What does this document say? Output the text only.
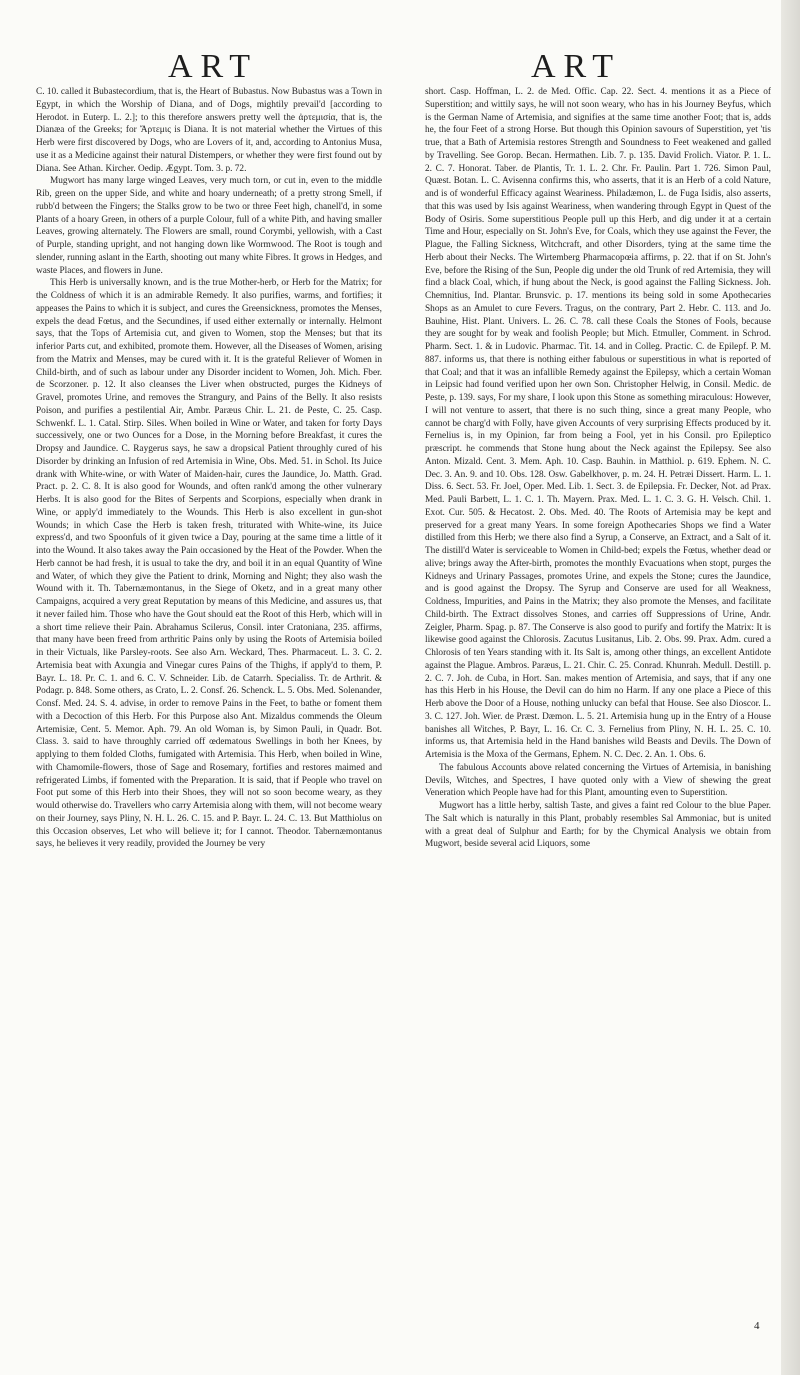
ART	ART

C. 10. called it Bubastecordium, that is, the Heart of Bubastus. Now Bubastus was a Town in Egypt, in which the Worship of Diana, and of Dogs, mightily prevail'd [according to Herodot. in Euterp. L. 2.]; to this therefore answers pretty well the ἀρτεμισία, that is, the Dianæa of the Greeks; for Ἄρτεμις is Diana. It is not material whether the Virtues of this Herb were first discovered by Dogs, who are Lovers of it, and, according to Antonius Musa, use it as a Medicine against their natural Distempers, or whether they were first found out by Diana. See Athan. Kircher. Oedip. Ægypt. Tom. 3. p. 72.

Mugwort has many large winged Leaves, very much torn, or cut in, even to the middle Rib, green on the upper Side, and white and hoary underneath; of a pretty strong Smell, if rubb'd between the Fingers; the Stalks grow to be two or three Feet high, chanell'd, in some Plants of a hoary Green, in others of a purple Colour, full of a white Pith, and having smaller Leaves, growing alternately. The Flowers are small, round Corymbi, yellowish, with a Cast of Purple, standing upright, and not hanging down like Wormwood. The Root is tough and slender, running aslant in the Earth, shooting out many white Fibres. It grows in Hedges, and waste Places, and flowers in June.

This Herb is universally known, and is the true Mother-herb, or Herb for the Matrix; for the Coldness of which it is an admirable Remedy. It also purifies, warms, and fortifies; it appeases the Pains to which it is subject, and cures the Greensickness, promotes the Menses, expels the dead Fœtus, and the Secundines, if used either externally or internally. Helmont says, that the Tops of Artemisia cut, and given to Women, stop the Menses; but that its inferior Parts cut, and exhibited, promote them. However, all the Diseases of Women, arising from the Matrix and Menses, may be cured with it. It is the grateful Reliever of Women in Child-birth, and of such as labour under any Disorder incident to Women, Joh. Mich. Fber. de Scorzoner. p. 12. It also cleanses the Liver when obstructed, purges the Kidneys of Gravel, promotes Urine, and removes the Strangury, and Pains of the Belly. It also resists Poison, and purifies a pestilential Air, Ambr. Paræus Chir. L. 21. de Peste, C. 25. Casp. Schwenkf. L. 1. Catal. Stirp. Siles. When boiled in Wine or Water, and taken for forty Days successively, one or two Ounces for a Dose, in the Morning before Breakfast, it cures the Dropsy and Jaundice. C. Raygerus says, he saw a dropsical Patient throughly cured of his Disorder by drinking an Infusion of red Artemisia in Wine, Obs. Med. 51. in Schol. Its Juice drank with White-wine, or with Water of Maiden-hair, cures the Jaundice, Jo. Matth. Grad. Pract. p. 2. C. 8. It is also good for Wounds, and often rank'd among the other vulnerary Herbs. It is also good for the Bites of Serpents and Scorpions, especially when drank in Wine, or apply'd immediately to the Wounds. This Herb is also excellent in gun-shot Wounds; in which Case the Herb is taken fresh, triturated with White-wine, its Juice express'd, and two Spoonfuls of it given twice a Day, pouring at the same time a little of it into the Wound. It also takes away the Pain occasioned by the Heat of the Powder. When the Herb cannot be had fresh, it is usual to take the dry, and boil it in an equal Quantity of Wine and Water, of which they give the Patient to drink, Morning and Night; they also wash the Wound with it. Th. Tabernæmontanus, in the Siege of Oketz, and in a great many other Campaigns, acquired a very great Reputation by means of this Medicine, and assures us, that it never failed him. Those who have the Gout should eat the Root of this Herb, which will in a short time relieve their Pain. Abrahamus Scilerus, Consil. inter Cratoniana, 235. affirms, that many have been freed from arthritic Pains only by using the Roots of Artemisia boiled in their Victuals, like Parsley-roots. See also Arn. Weckard, Thes. Pharmaceut. L. 3. C. 2. Artemisia beat with Axungia and Vinegar cures Pains of the Thighs, if apply'd to them, P. Bayr. L. 18. Pr. C. 1. and 6. C. V. Schneider. Lib. de Catarrh. Specialiss. Tr. de Arthrit. & Podagr. p. 848. Some others, as Crato, L. 2. Consf. 26. Schenck. L. 5. Obs. Med. Solenander, Consf. Med. 24. S. 4. advise, in order to remove Pains in the Feet, to bathe or foment them with a Decoction of this Herb. For this Purpose also Ant. Mizaldus commends the Oleum Artemisiæ, Cent. 5. Memor. Aph. 79. An old Woman is, by Simon Pauli, in Quadr. Bot. Class. 3. said to have throughly carried off œdematous Swellings in both her Knees, by applying to them folded Cloths, fumigated with Artemisia. This Herb, when boiled in Wine, with Chamomile-flowers, those of Sage and Rosemary, fortifies and restores maimed and refrigerated Limbs, if fomented with the Preparation. It is said, that if People who travel on Foot put some of this Herb into their Shoes, they will not so soon become weary, as they would otherwise do. Travellers who carry Artemisia along with them, will not become weary on their Journey, says Pliny, N. H. L. 26. C. 15. and P. Bayr. L. 24. C. 13. But Matthiolus on this Occasion observes, Let who will believe it; for I cannot. Theodor. Tabernæmontanus says, he believes it very readily, provided the Journey be very

short. Casp. Hoffman, L. 2. de Med. Offic. Cap. 22. Sect. 4. mentions it as a Piece of Superstition; and wittily says, he will not soon weary, who has in his Journey Beyfus, which is the German Name of Artemisia, and signifies at the same time another Foot; that is, adds he, the four Feet of a strong Horse. But though this Opinion savours of Superstition, yet 'tis true, that a Bath of Artemisia restores Strength and Soundness to Feet weakened and galled by Travelling. See Gorop. Becan. Hermathen. Lib. 7. p. 135. David Frolich. Viator. P. 1. L. 2. C. 7. Honorat. Taber. de Plantis, Tr. 1. L. 2. Chr. Fr. Paulin. Part 1. 726. Simon Paul, Quæst. Botan. L. C. Avisenna confirms this, who asserts, that it is an Herb of a cold Nature, and is of wonderful Efficacy against Weariness. Philadæmon, L. de Fuga Isidis, also asserts, that this was used by Isis against Weariness, when wandering through Egypt in Quest of the Body of Osiris. Some superstitious People pull up this Herb, and dig under it at a certain Time and Hour, especially on St. John's Eve, for Coals, which they use against the Fever, the Plague, the Falling Sickness, Witchcraft, and other Disorders, tying at the same time the Herb about their Necks. The Wirtemberg Pharmacopœia affirms, p. 22. that if on St. John's Eve, before the Rising of the Sun, People dig under the old Trunk of red Artemisia, they will find a black Coal, which, if hung about the Neck, is good against the Falling Sickness. Joh. Chemnitius, Ind. Plantar. Brunsvic. p. 17. mentions its being sold in some Apothecaries Shops as an Amulet to cure Fevers. Tragus, on the contrary, Part 2. Hebr. C. 113. and Jo. Bauhine, Hist. Plant. Univers. L. 26. C. 78. call these Coals the Stones of Fools, because they are sought for by weak and foolish People; but Mich. Etmuller, Comment. in Schrod. Pharm. Sect. 1. & in Ludovic. Pharmac. Tit. 14. and in Colleg. Practic. C. de Epilepf. P. M. 887. informs us, that there is nothing either fabulous or superstitious in what is reported of that Coal; and that it was an infallible Remedy against the Epilepsy, which a certain Woman in Leipsic had found verified upon her own Son. Christopher Helwig, in Consil. Medic. de Peste, p. 139. says, For my share, I look upon this Stone as something miraculous: However, I will not venture to assert, that there is no such thing, since a great many People, who cannot be charg'd with Folly, have given Accounts of very surprising Effects produced by it. Fernelius is, in my Opinion, far from being a Fool, yet in his Consil. pro Epileptico præscript. he commends that Stone hung about the Neck against the Epilepsy. See also Anton. Mizald. Cent. 3. Mem. Aph. 10. Casp. Bauhin. in Matthiol. p. 619. Ephem. N. C. Dec. 3. An. 9. and 10. Obs. 128. Osw. Gabelkhover, p. m. 24. H. Petræi Dissert. Harm. L. 1. Diss. 6. Sect. 53. Fr. Joel, Oper. Med. Lib. 1. Sect. 3. de Epilepsia. Fr. Decker, Not. ad Prax. Med. Pauli Barbett, L. 1. C. 1. Th. Mayern. Prax. Med. L. 1. C. 3. G. H. Velsch. Chil. 1. Exot. Cur. 505. & Hecatost. 2. Obs. Med. 40. The Roots of Artemisia may be kept and preserved for a great many Years. In some foreign Apothecaries Shops we find a Water distilled from this Herb; we there also find a Syrup, a Conserve, an Extract, and a Salt of it. The distill'd Water is serviceable to Women in Child-bed; expels the Fœtus, whether dead or alive; brings away the After-birth, promotes the monthly Evacuations when stopt, purges the Kidneys and Urinary Passages, promotes Urine, and expels the Stone; cures the Jaundice, and is good against the Dropsy. The Syrup and Conserve are used for all Weakness, Coldness, Impurities, and Pains in the Matrix; they also promote the Menses, and facilitate Child-birth. The Extract dissolves Stones, and carries off Suppressions of Urine, Andr. Zeigler, Pharm. Spag. p. 87. The Conserve is also good to purify and fortify the Matrix: It is likewise good against the Chlorosis. Zacutus Lusitanus, Lib. 2. Obs. 99. Prax. Adm. cured a Chlorosis of ten Years standing with it. Its Salt is, among other things, an excellent Antidote against the Plague. Ambros. Paræus, L. 21. Chir. C. 25. Conrad. Khunrah. Medull. Destill. p. 2. C. 7. Joh. de Cuba, in Hort. San. makes mention of Artemisia, and says, that if any one has this Herb in his House, the Devil can do him no Harm. If any one place a Piece of this Herb above the Door of a House, nothing unlucky can befal that House. See also Dioscor. L. 3. C. 127. Joh. Wier. de Præst. Dæmon. L. 5. 21. Artemisia hung up in the Entry of a House banishes all Witches, P. Bayr, L. 16. Cr. C. 3. Fernelius from Pliny, N. H. L. 25. C. 10. informs us, that Artemisia held in the Hand banishes wild Beasts and Devils. The Down of Artemisia is the Moxa of the Germans, Ephem. N. C. Dec. 2. An. 1. Obs. 6.

The fabulous Accounts above related concerning the Virtues of Artemisia, in banishing Devils, Witches, and Spectres, I have quoted only with a View of shewing the great Veneration which People have had for this Plant, amounting even to Superstition.

Mugwort has a little herby, saltish Taste, and gives a faint red Colour to the blue Paper. The Salt which is naturally in this Plant, probably resembles Sal Ammoniac, but is united with a great deal of Sulphur and Earth; for by the Chymical Analysis we obtain from Mugwort, beside several acid Liquors, some

4
